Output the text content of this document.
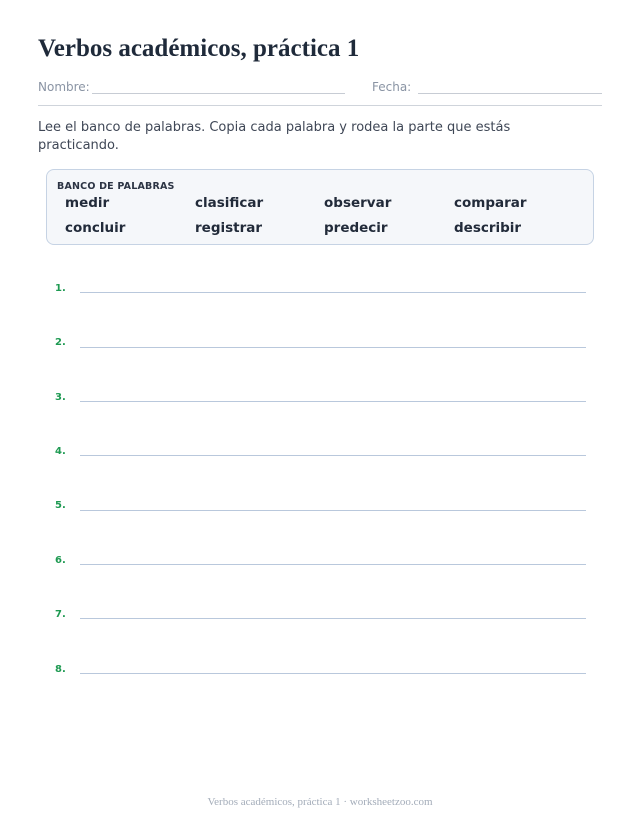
Verbos académicos, práctica 1
Nombre:	Fecha:
Lee el banco de palabras. Copia cada palabra y rodea la parte que estás practicando.
BANCO DE PALABRAS
medir	clasificar	observar	comparar
concluir	registrar	predecir	describir
1.
2.
3.
4.
5.
6.
7.
8.
Verbos académicos, práctica 1 · worksheetzoo.com
